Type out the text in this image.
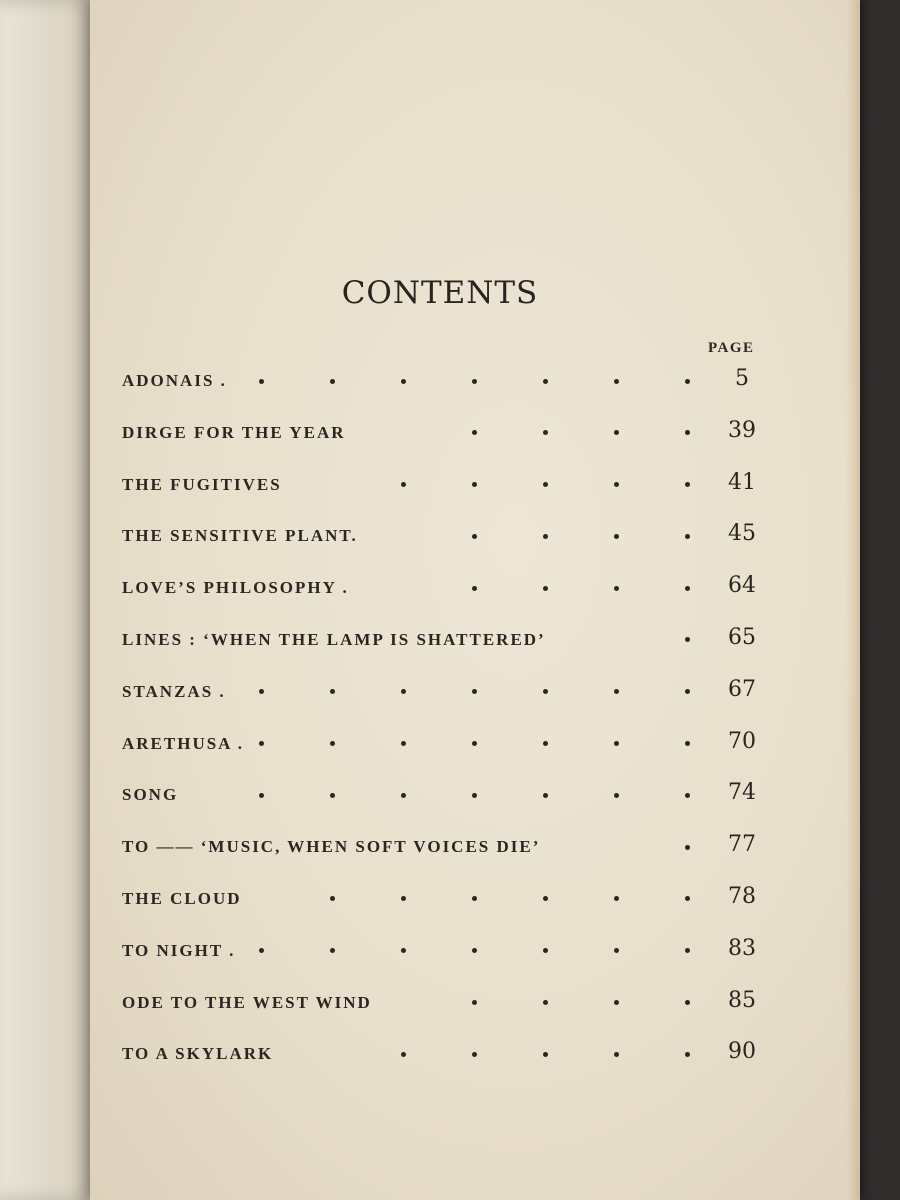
CONTENTS
PAGE
ADONAIS .	5
DIRGE FOR THE YEAR	39
THE FUGITIVES	41
THE SENSITIVE PLANT.	45
LOVE’S PHILOSOPHY .	64
LINES : ‘WHEN THE LAMP IS SHATTERED’	65
STANZAS .	67
ARETHUSA .	70
SONG	74
TO —— ‘MUSIC, WHEN SOFT VOICES DIE’	77
THE CLOUD	78
TO NIGHT .	83
ODE TO THE WEST WIND	85
TO A SKYLARK	90
